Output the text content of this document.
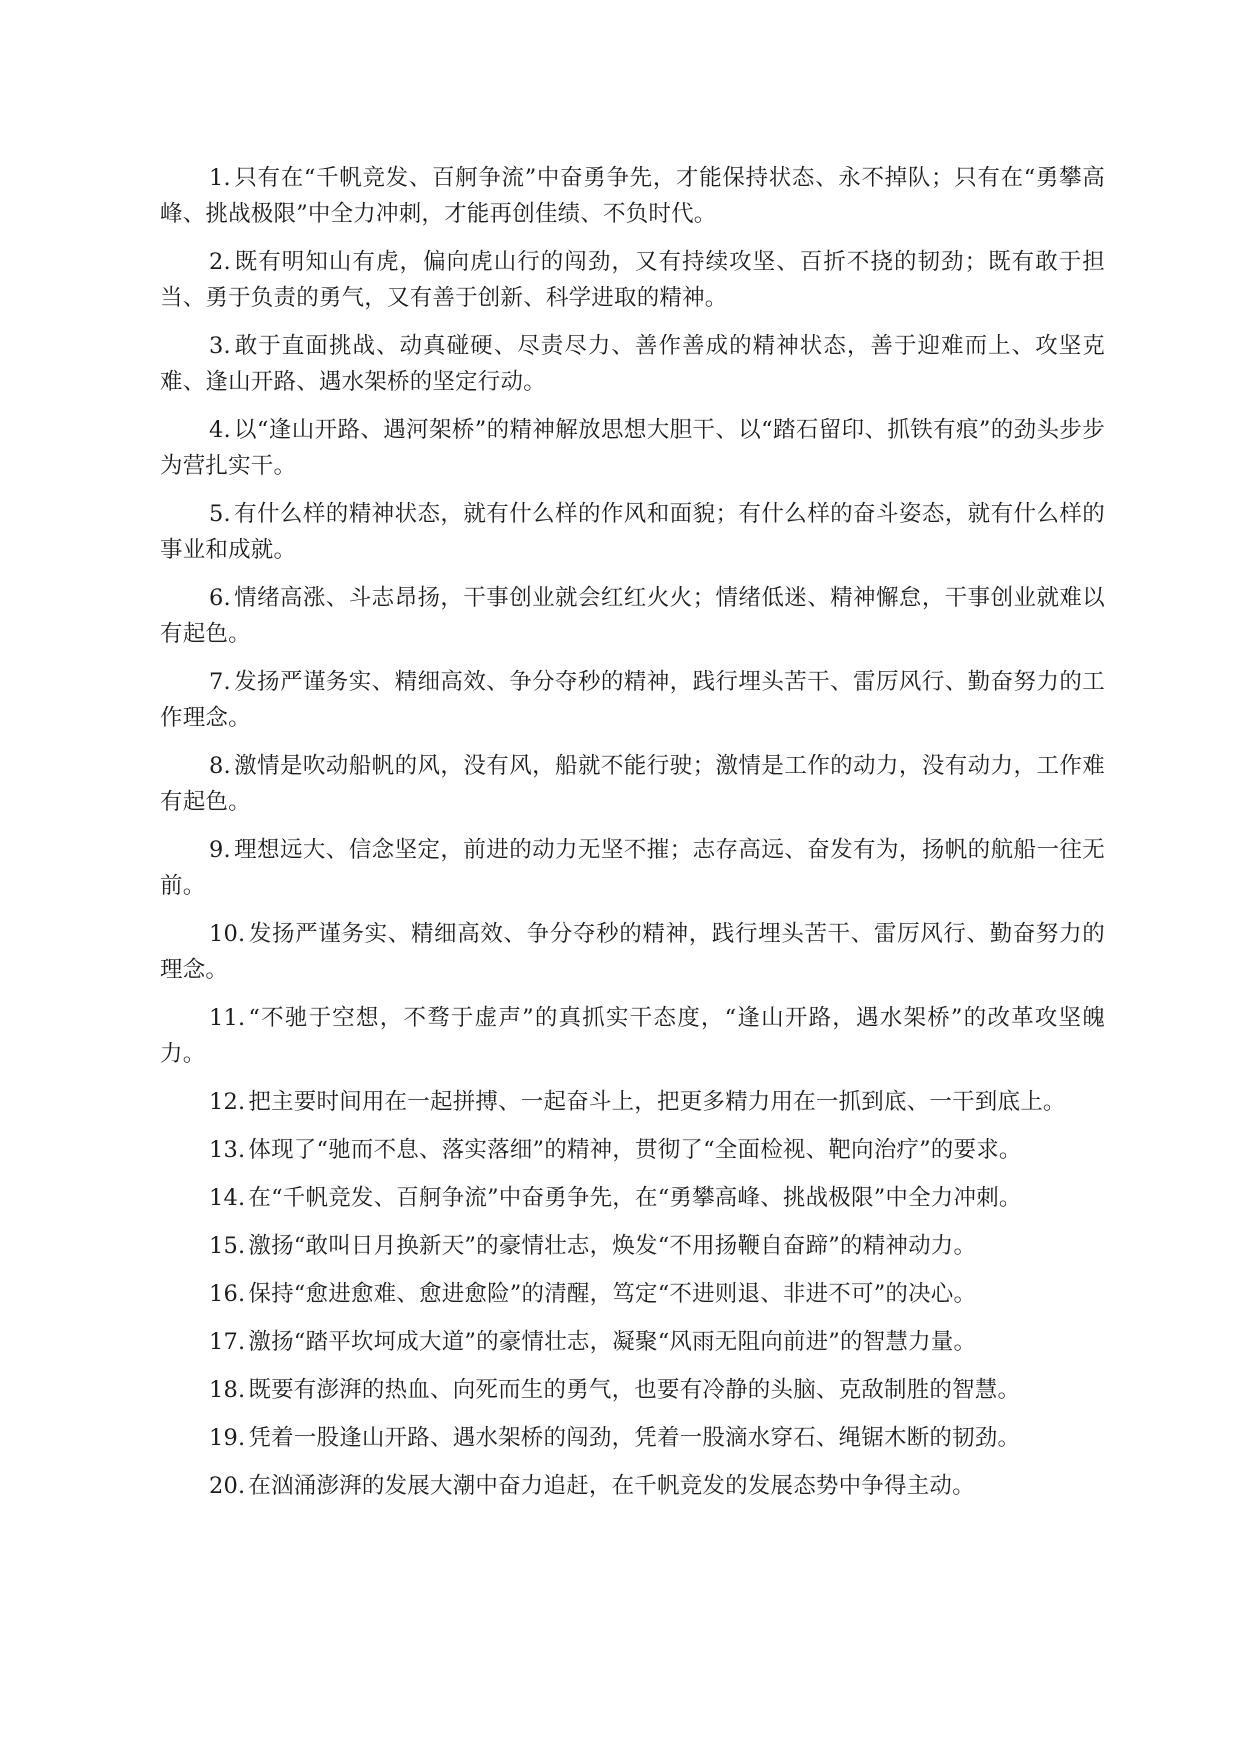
1. 只有在“千帆竞发、百舸争流”中奋勇争先，才能保持状态、永不掉队；只有在“勇攀高峰、挑战极限”中全力冲刺，才能再创佳绩、不负时代。

2. 既有明知山有虎，偏向虎山行的闯劲，又有持续攻坚、百折不挠的韧劲；既有敢于担当、勇于负责的勇气，又有善于创新、科学进取的精神。

3. 敢于直面挑战、动真碰硬、尽责尽力、善作善成的精神状态，善于迎难而上、攻坚克难、逢山开路、遇水架桥的坚定行动。

4. 以“逢山开路、遇河架桥”的精神解放思想大胆干、以“踏石留印、抓铁有痕”的劲头步步为营扎实干。

5. 有什么样的精神状态，就有什么样的作风和面貌；有什么样的奋斗姿态，就有什么样的事业和成就。

6. 情绪高涨、斗志昂扬，干事创业就会红红火火；情绪低迷、精神懈怠，干事创业就难以有起色。

7. 发扬严谨务实、精细高效、争分夺秒的精神，践行埋头苦干、雷厉风行、勤奋努力的工作理念。

8. 激情是吹动船帆的风，没有风，船就不能行驶；激情是工作的动力，没有动力，工作难有起色。

9. 理想远大、信念坚定，前进的动力无坚不摧；志存高远、奋发有为，扬帆的航船一往无前。

10. 发扬严谨务实、精细高效、争分夺秒的精神，践行埋头苦干、雷厉风行、勤奋努力的理念。

11. “不驰于空想，不骛于虚声”的真抓实干态度，“逢山开路，遇水架桥”的改革攻坚魄力。

12. 把主要时间用在一起拼搏、一起奋斗上，把更多精力用在一抓到底、一干到底上。

13. 体现了“驰而不息、落实落细”的精神，贯彻了“全面检视、靶向治疗”的要求。

14. 在“千帆竞发、百舸争流”中奋勇争先，在“勇攀高峰、挑战极限”中全力冲刺。

15. 激扬“敢叫日月换新天”的豪情壮志，焕发“不用扬鞭自奋蹄”的精神动力。

16. 保持“愈进愈难、愈进愈险”的清醒，笃定“不进则退、非进不可”的决心。

17. 激扬“踏平坎坷成大道”的豪情壮志，凝聚“风雨无阻向前进”的智慧力量。

18. 既要有澎湃的热血、向死而生的勇气，也要有冷静的头脑、克敌制胜的智慧。

19. 凭着一股逢山开路、遇水架桥的闯劲，凭着一股滴水穿石、绳锯木断的韧劲。

20. 在汹涌澎湃的发展大潮中奋力追赶，在千帆竞发的发展态势中争得主动。
